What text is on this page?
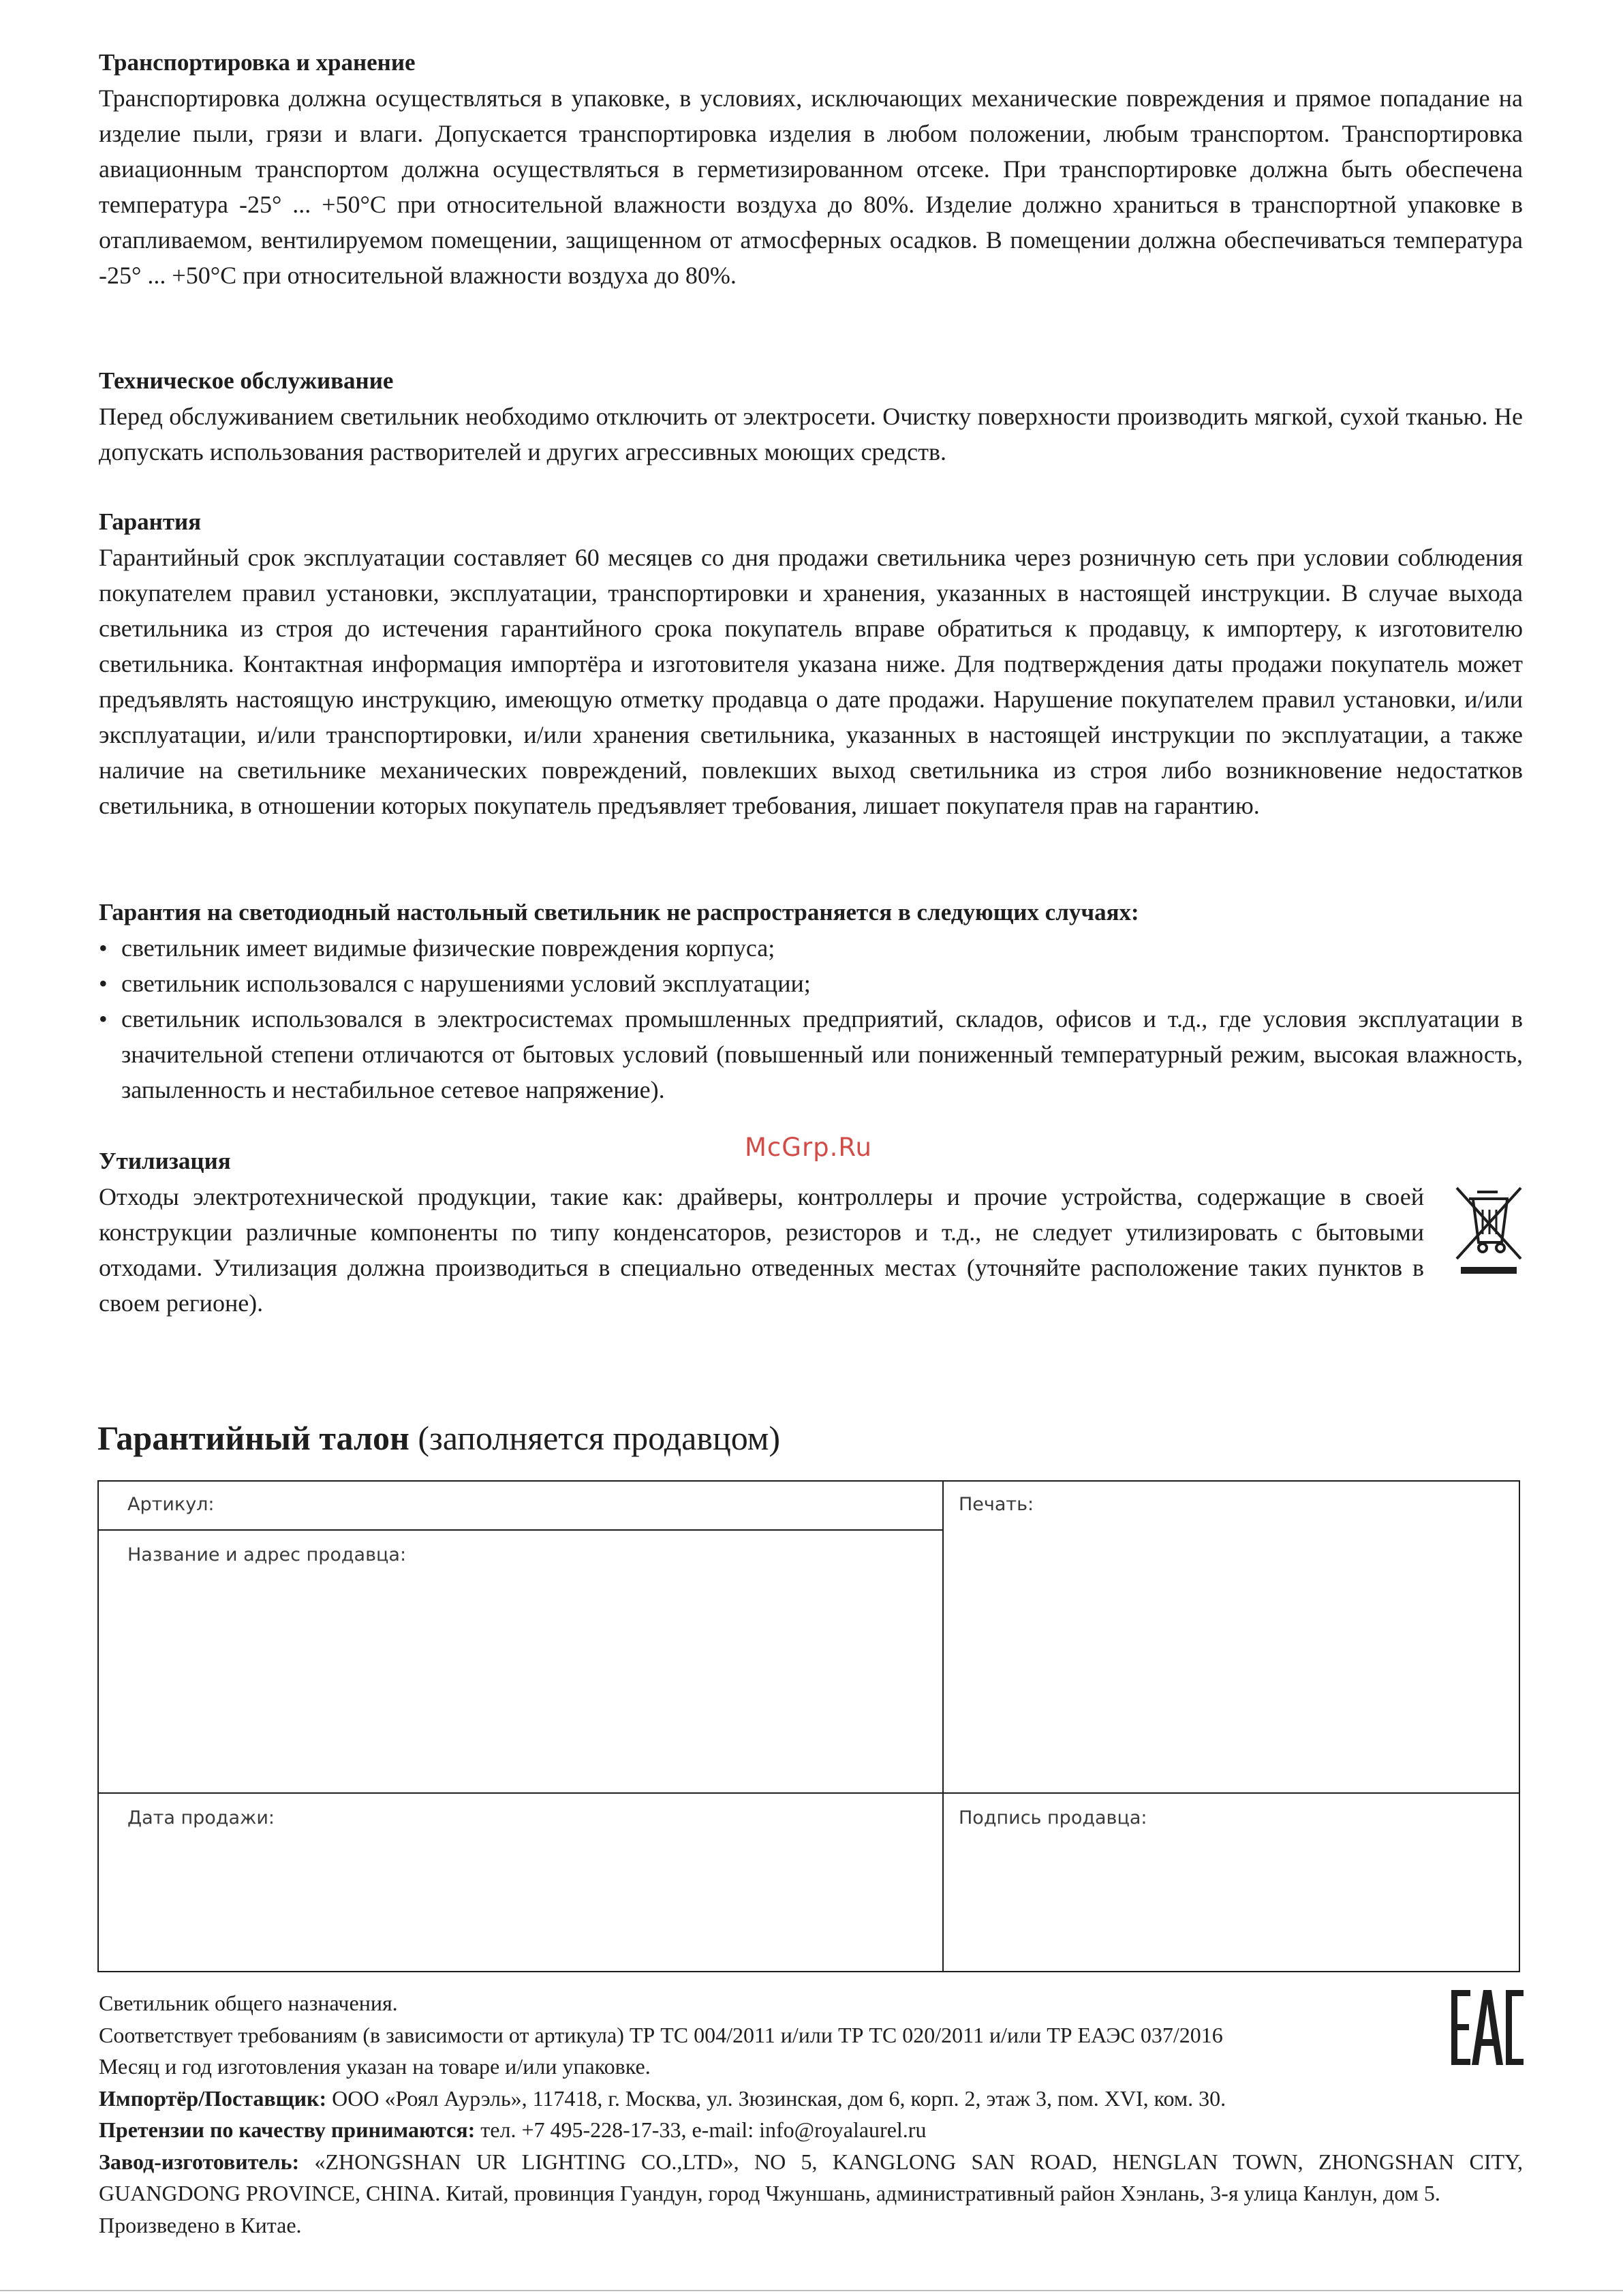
Транспортировка и хранение
Транспортировка должна осуществляться в упаковке, в условиях, исключающих механические повреждения и прямое попадание на изделие пыли, грязи и влаги. Допускается транспортировка изделия в любом положении, любым транспортом. Транспортировка авиационным транспортом должна осуществляться в герметизированном отсеке. При транспортировке должна быть обеспечена температура -25° ... +50°С при относительной влажности воздуха до 80%. Изделие должно храниться в транспортной упаковке в отапливаемом, вентилируемом помещении, защищенном от атмосферных осадков. В помещении должна обеспечиваться температура -25° ... +50°С при относительной влажности воздуха до 80%.
Техническое обслуживание
Перед обслуживанием светильник необходимо отключить от электросети. Очистку поверхности производить мягкой, сухой тканью. Не допускать использования растворителей и других агрессивных моющих средств.
Гарантия
Гарантийный срок эксплуатации составляет 60 месяцев со дня продажи светильника через розничную сеть при условии соблюдения покупателем правил установки, эксплуатации, транспортировки и хранения, указанных в настоящей инструкции. В случае выхода светильника из строя до истечения гарантийного срока покупатель вправе обратиться к продавцу, к импортеру, к изготовителю светильника. Контактная информация импортёра и изготовителя указана ниже. Для подтверждения даты продажи покупатель может предъявлять настоящую инструкцию, имеющую отметку продавца о дате продажи. Нарушение покупателем правил установки, и/или эксплуатации, и/или транспортировки, и/или хранения светильника, указанных в настоящей инструкции по эксплуатации, а также наличие на светильнике механических повреждений, повлекших выход светильника из строя либо возникновение недостатков светильника, в отношении которых покупатель предъявляет требования, лишает покупателя прав на гарантию.
Гарантия на светодиодный настольный светильник не распространяется в следующих случаях:
• светильник имеет видимые физические повреждения корпуса;
• светильник использовался с нарушениями условий эксплуатации;
• светильник использовался в электросистемах промышленных предприятий, складов, офисов и т.д., где условия эксплуатации в значительной степени отличаются от бытовых условий (повышенный или пониженный температурный режим, высокая влажность, запыленность и нестабильное сетевое напряжение).
McGrp.Ru
Утилизация
Отходы электротехнической продукции, такие как: драйверы, контроллеры и прочие устройства, содержащие в своей конструкции различные компоненты по типу конденсаторов, резисторов и т.д., не следует утилизировать с бытовыми отходами. Утилизация должна производиться в специально отведенных местах (уточняйте расположение таких пунктов в своем регионе).
Гарантийный талон (заполняется продавцом)
Артикул:
Название и адрес продавца:
Печать:
Дата продажи:	Подпись продавца:
Светильник общего назначения.
Соответствует требованиям (в зависимости от артикула) ТР ТС 004/2011 и/или ТР ТС 020/2011 и/или ТР ЕАЭС 037/2016
Месяц и год изготовления указан на товаре и/или упаковке.
Импортёр/Поставщик: ООО «Роял Аурэль», 117418, г. Москва, ул. Зюзинская, дом 6, корп. 2, этаж 3, пом. XVI, ком. 30.
Претензии по качеству принимаются: тел. +7 495-228-17-33, e-mail: info@royalaurel.ru
Завод-изготовитель: «ZHONGSHAN UR LIGHTING CO.,LTD», NO 5, KANGLONG SAN ROAD, HENGLAN TOWN, ZHONGSHAN CITY, GUANGDONG PROVINCE, CHINA. Китай, провинция Гуандун, город Чжуншань, административный район Хэнлань, 3-я улица Канлун, дом 5.
Произведено в Китае.
